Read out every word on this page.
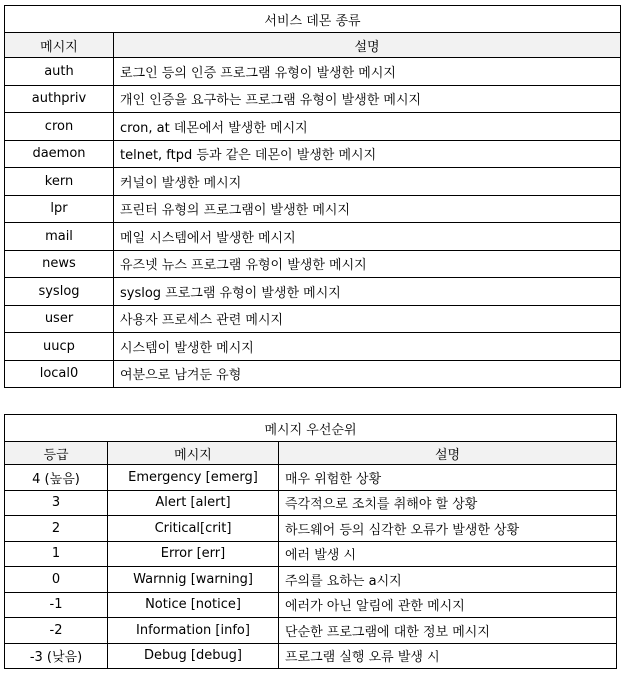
서비스 데몬 종류	
메시지	설명
auth	로그인 등의 인증 프로그램 유형이 발생한 메시지
authpriv	개인 인증을 요구하는 프로그램 유형이 발생한 메시지
cron	cron, at 데몬에서 발생한 메시지
daemon	telnet, ftpd 등과 같은 데몬이 발생한 메시지
kern	커널이 발생한 메시지
lpr	프린터 유형의 프로그램이 발생한 메시지
mail	메일 시스템에서 발생한 메시지
news	유즈넷 뉴스 프로그램 유형이 발생한 메시지
syslog	syslog 프로그램 유형이 발생한 메시지
user	사용자 프로세스 관련 메시지
uucp	시스템이 발생한 메시지
local0	여분으로 남겨둔 유형
메시지 우선순위		
등급	메시지	설명
4 (높음)	Emergency [emerg]	매우 위험한 상황
3	Alert [alert]	즉각적으로 조치를 취해야 할 상황
2	Critical[crit]	하드웨어 등의 심각한 오류가 발생한 상황
1	Error [err]	에러 발생 시
0	Warnnig [warning]	주의를 요하는 a시지
-1	Notice [notice]	에러가 아닌 알림에 관한 메시지
-2	Information [info]	단순한 프로그램에 대한 정보 메시지
-3 (낮음)	Debug [debug]	프로그램 실행 오류 발생 시
